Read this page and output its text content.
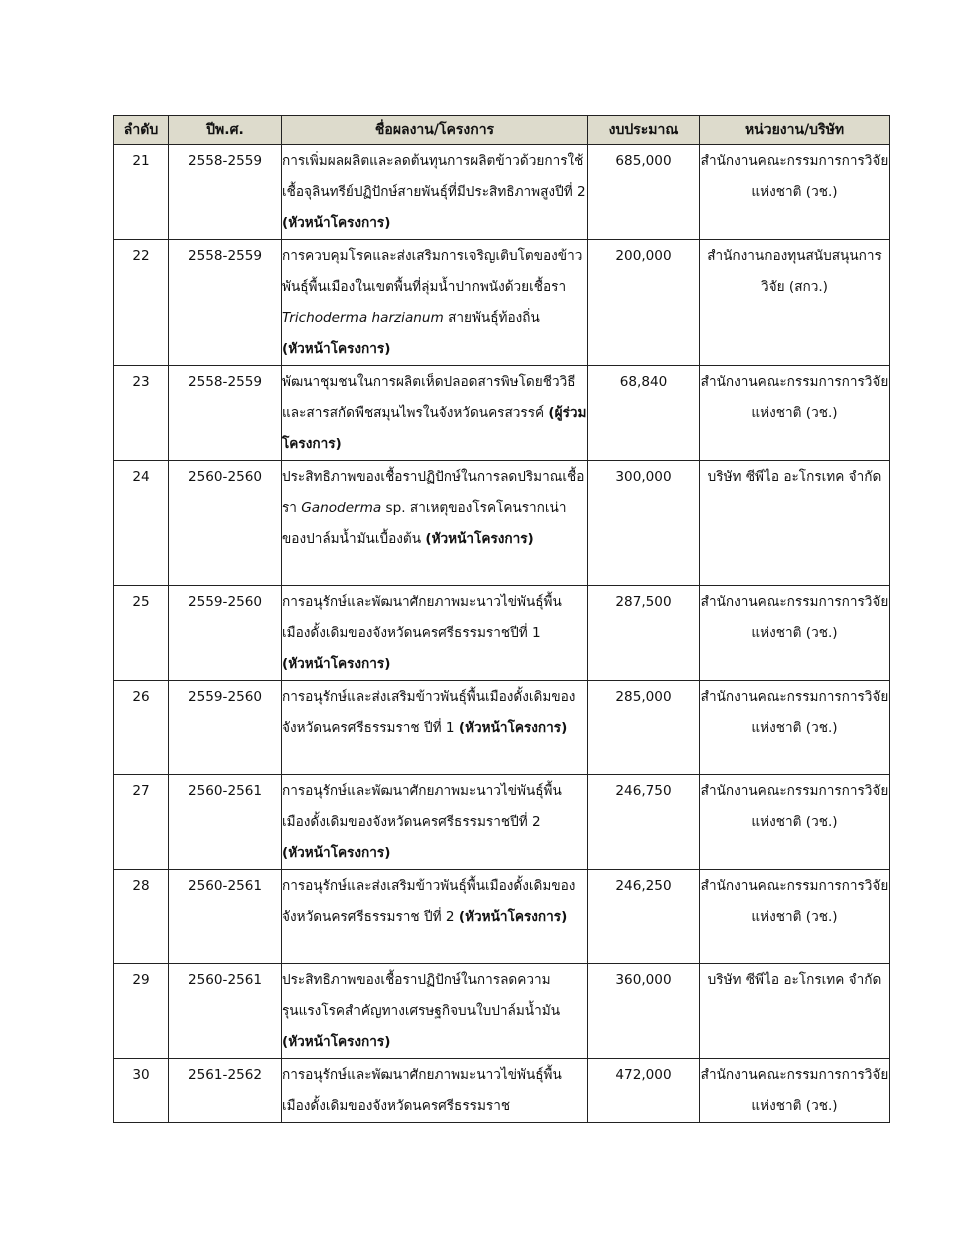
ลำดับ	ปีพ.ศ.	ชื่อผลงาน/โครงการ	งบประมาณ	หน่วยงาน/บริษัท
21	2558-2559	การเพิ่มผลผลิตและลดต้นทุนการผลิตข้าวด้วยการใช้เชื้อจุลินทรีย์ปฏิปักษ์สายพันธุ์ที่มีประสิทธิภาพสูงปีที่ 2 (หัวหน้าโครงการ)	685,000	สำนักงานคณะกรรมการการวิจัยแห่งชาติ (วช.)
22	2558-2559	การควบคุมโรคและส่งเสริมการเจริญเติบโตของข้าวพันธุ์พื้นเมืองในเขตพื้นที่ลุ่มน้ำปากพนังด้วยเชื้อรา Trichoderma harzianum สายพันธุ์ท้องถิ่น (หัวหน้าโครงการ)	200,000	สำนักงานกองทุนสนับสนุนการวิจัย (สกว.)
23	2558-2559	พัฒนาชุมชนในการผลิตเห็ดปลอดสารพิษโดยชีววิธีและสารสกัดพืชสมุนไพรในจังหวัดนครสวรรค์ (ผู้ร่วมโครงการ)	68,840	สำนักงานคณะกรรมการการวิจัยแห่งชาติ (วช.)
24	2560-2560	ประสิทธิภาพของเชื้อราปฏิปักษ์ในการลดปริมาณเชื้อรา Ganoderma sp. สาเหตุของโรคโคนรากเน่าของปาล์มน้ำมันเบื้องต้น (หัวหน้าโครงการ)	300,000	บริษัท ซีพีไอ อะโกรเทค จำกัด
25	2559-2560	การอนุรักษ์และพัฒนาศักยภาพมะนาวไข่พันธุ์พื้นเมืองดั้งเดิมของจังหวัดนครศรีธรรมราชปีที่ 1 (หัวหน้าโครงการ)	287,500	สำนักงานคณะกรรมการการวิจัยแห่งชาติ (วช.)
26	2559-2560	การอนุรักษ์และส่งเสริมข้าวพันธุ์พื้นเมืองดั้งเดิมของจังหวัดนครศรีธรรมราช ปีที่ 1 (หัวหน้าโครงการ)	285,000	สำนักงานคณะกรรมการการวิจัยแห่งชาติ (วช.)
27	2560-2561	การอนุรักษ์และพัฒนาศักยภาพมะนาวไข่พันธุ์พื้นเมืองดั้งเดิมของจังหวัดนครศรีธรรมราชปีที่ 2 (หัวหน้าโครงการ)	246,750	สำนักงานคณะกรรมการการวิจัยแห่งชาติ (วช.)
28	2560-2561	การอนุรักษ์และส่งเสริมข้าวพันธุ์พื้นเมืองดั้งเดิมของจังหวัดนครศรีธรรมราช ปีที่ 2 (หัวหน้าโครงการ)	246,250	สำนักงานคณะกรรมการการวิจัยแห่งชาติ (วช.)
29	2560-2561	ประสิทธิภาพของเชื้อราปฏิปักษ์ในการลดความรุนแรงโรคสำคัญทางเศรษฐกิจบนใบปาล์มน้ำมัน (หัวหน้าโครงการ)	360,000	บริษัท ซีพีไอ อะโกรเทค จำกัด
30	2561-2562	การอนุรักษ์และพัฒนาศักยภาพมะนาวไข่พันธุ์พื้นเมืองดั้งเดิมของจังหวัดนครศรีธรรมราช	472,000	สำนักงานคณะกรรมการการวิจัยแห่งชาติ (วช.)
